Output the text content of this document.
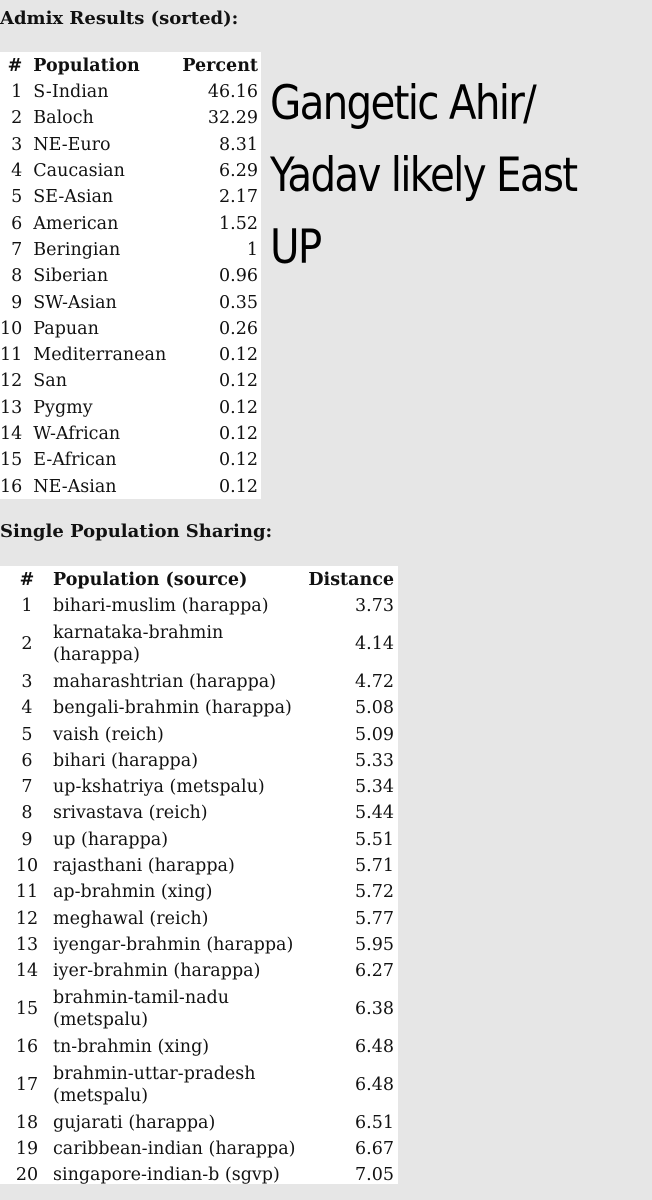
Admix Results (sorted):
#	Population	Percent
1	S-Indian	46.16
2	Baloch	32.29
3	NE-Euro	8.31
4	Caucasian	6.29
5	SE-Asian	2.17
6	American	1.52
7	Beringian	1
8	Siberian	0.96
9	SW-Asian	0.35
10	Papuan	0.26
11	Mediterranean	0.12
12	San	0.12
13	Pygmy	0.12
14	W-African	0.12
15	E-African	0.12
16	NE-Asian	0.12

Gangetic Ahir/ Yadav likely East UP

Single Population Sharing:
#	Population (source)	Distance
1	bihari-muslim (harappa)	3.73
2	karnataka-brahmin (harappa)	4.14
3	maharashtrian (harappa)	4.72
4	bengali-brahmin (harappa)	5.08
5	vaish (reich)	5.09
6	bihari (harappa)	5.33
7	up-kshatriya (metspalu)	5.34
8	srivastava (reich)	5.44
9	up (harappa)	5.51
10	rajasthani (harappa)	5.71
11	ap-brahmin (xing)	5.72
12	meghawal (reich)	5.77
13	iyengar-brahmin (harappa)	5.95
14	iyer-brahmin (harappa)	6.27
15	brahmin-tamil-nadu (metspalu)	6.38
16	tn-brahmin (xing)	6.48
17	brahmin-uttar-pradesh (metspalu)	6.48
18	gujarati (harappa)	6.51
19	caribbean-indian (harappa)	6.67
20	singapore-indian-b (sgvp)	7.05
